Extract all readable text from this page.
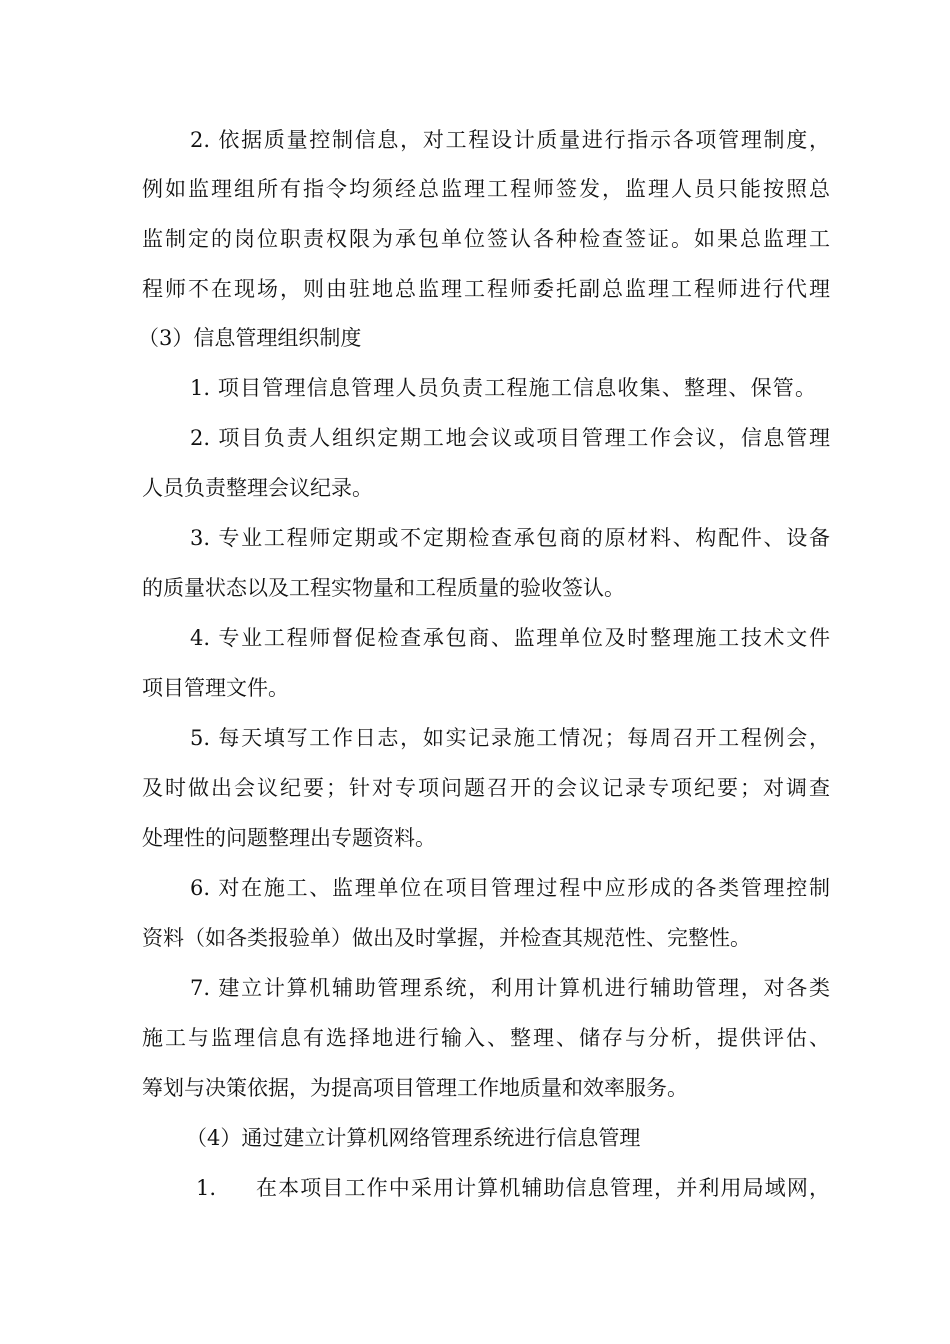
2. 依据质量控制信息，对工程设计质量进行指示各项管理制度，
例如监理组所有指令均须经总监理工程师签发，监理人员只能按照总
监制定的岗位职责权限为承包单位签认各种检查签证。如果总监理工
程师不在现场，则由驻地总监理工程师委托副总监理工程师进行代理
（3）信息管理组织制度
1. 项目管理信息管理人员负责工程施工信息收集、整理、保管。
2. 项目负责人组织定期工地会议或项目管理工作会议，信息管理
人员负责整理会议纪录。
3. 专业工程师定期或不定期检查承包商的原材料、构配件、设备
的质量状态以及工程实物量和工程质量的验收签认。
4. 专业工程师督促检查承包商、监理单位及时整理施工技术文件
项目管理文件。
5. 每天填写工作日志，如实记录施工情况；每周召开工程例会，
及时做出会议纪要；针对专项问题召开的会议记录专项纪要；对调查
处理性的问题整理出专题资料。
6. 对在施工、监理单位在项目管理过程中应形成的各类管理控制
资料（如各类报验单）做出及时掌握，并检查其规范性、完整性。
7. 建立计算机辅助管理系统，利用计算机进行辅助管理，对各类
施工与监理信息有选择地进行输入、整理、储存与分析，提供评估、
筹划与决策依据，为提高项目管理工作地质量和效率服务。
（4）通过建立计算机网络管理系统进行信息管理
1. 在本项目工作中采用计算机辅助信息管理，并利用局域网，
